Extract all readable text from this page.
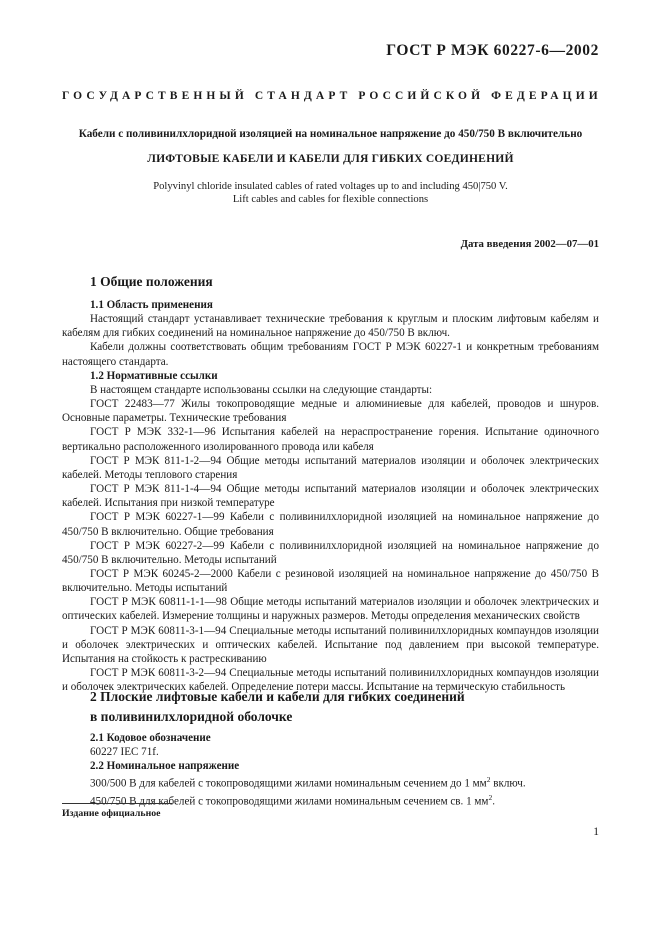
ГОСТ Р МЭК 60227-6—2002
ГОСУДАРСТВЕННЫЙ СТАНДАРТ РОССИЙСКОЙ ФЕДЕРАЦИИ
Кабели с поливинилхлоридной изоляцией на номинальное напряжение до 450/750 В включительно
ЛИФТОВЫЕ КАБЕЛИ И КАБЕЛИ ДЛЯ ГИБКИХ СОЕДИНЕНИЙ
Polyvinyl chloride insulated cables of rated voltages up to and including 450|750 V.
Lift cables and cables for flexible connections
Дата введения 2002—07—01
1 Общие положения

1.1 Область применения

Настоящий стандарт устанавливает технические требования к круглым и плоским лифтовым кабелям и кабелям для гибких соединений на номинальное напряжение до 450/750 В включ.

Кабели должны соответствовать общим требованиям ГОСТ Р МЭК 60227-1 и конкретным требованиям настоящего стандарта.

1.2 Нормативные ссылки

В настоящем стандарте использованы ссылки на следующие стандарты:

ГОСТ 22483—77 Жилы токопроводящие медные и алюминиевые для кабелей, проводов и шнуров. Основные параметры. Технические требования

ГОСТ Р МЭК 332-1—96 Испытания кабелей на нераспространение горения. Испытание одиночного вертикально расположенного изолированного провода или кабеля

ГОСТ Р МЭК 811-1-2—94 Общие методы испытаний материалов изоляции и оболочек электрических кабелей. Методы теплового старения

ГОСТ Р МЭК 811-1-4—94 Общие методы испытаний материалов изоляции и оболочек электрических кабелей. Испытания при низкой температуре

ГОСТ Р МЭК 60227-1—99 Кабели с поливинилхлоридной изоляцией на номинальное напряжение до 450/750 В включительно. Общие требования

ГОСТ Р МЭК 60227-2—99 Кабели с поливинилхлоридной изоляцией на номинальное напряжение до 450/750 В включительно. Методы испытаний

ГОСТ Р МЭК 60245-2—2000 Кабели с резиновой изоляцией на номинальное напряжение до 450/750 В включительно. Методы испытаний

ГОСТ Р МЭК 60811-1-1—98 Общие методы испытаний материалов изоляции и оболочек электрических и оптических кабелей. Измерение толщины и наружных размеров. Методы определения механических свойств

ГОСТ Р МЭК 60811-3-1—94 Специальные методы испытаний поливинилхлоридных компаундов изоляции и оболочек электрических и оптических кабелей. Испытание под давлением при высокой температуре. Испытания на стойкость к растрескиванию

ГОСТ Р МЭК 60811-3-2—94 Специальные методы испытаний поливинилхлоридных компаундов изоляции и оболочек электрических кабелей. Определение потери массы. Испытание на термическую стабильность

2 Плоские лифтовые кабели и кабели для гибких соединений
в поливинилхлоридной оболочке

2.1 Кодовое обозначение

60227 IEC 71f.

2.2 Номинальное напряжение

300/500 В для кабелей с токопроводящими жилами номинальным сечением до 1 $мм^2$ включ.

450/750 В для кабелей с токопроводящими жилами номинальным сечением св. 1 $мм^2$.

Издание официальное
1
